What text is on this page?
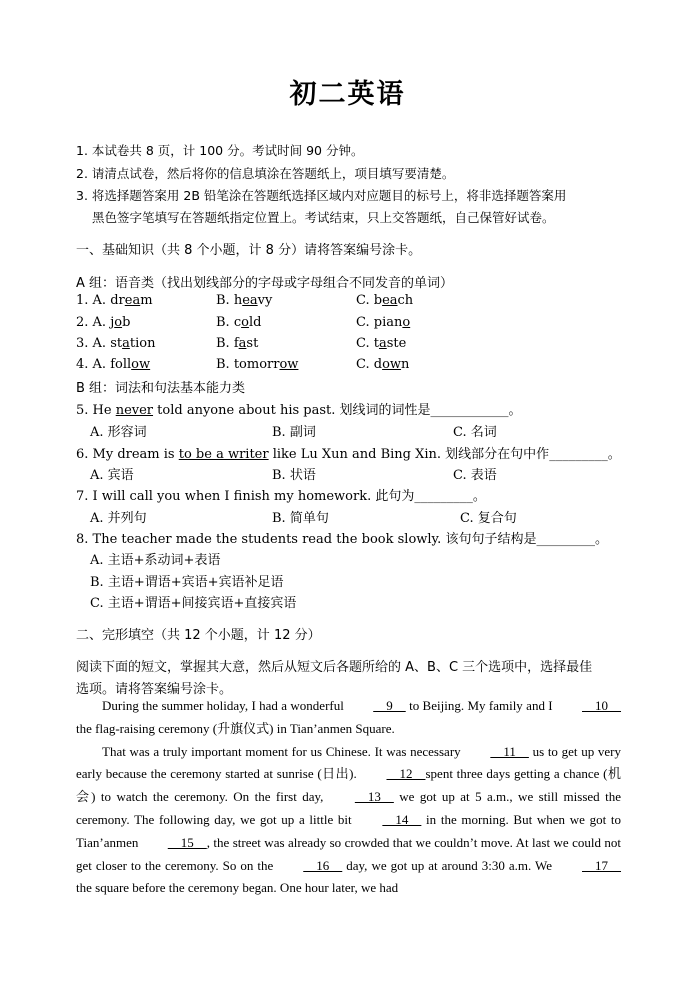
初二英语
1. 本试卷共 8 页，计 100 分。考试时间 90 分钟。
2. 请清点试卷，然后将你的信息填涂在答题纸上，项目填写要清楚。
3. 将选择题答案用 2B 铅笔涂在答题纸选择区域内对应题目的标号上，将非选择题答案用
黑色签字笔填写在答题纸指定位置上。考试结束，只上交答题纸，自己保管好试卷。
一、基础知识（共 8 个小题，计 8 分）请将答案编号涂卡。
A 组：语音类（找出划线部分的字母或字母组合不同发音的单词）
1. A. dream	B. heavy	C. beach
2. A. job	B. cold	C. piano
3. A. station	B. fast	C. taste
4. A. follow	B. tomorrow	C. down
B 组：词法和句法基本能力类
5. He never told anyone about his past. 划线词的词性是____________。
A. 形容词	B. 副词	C. 名词
6. My dream is to be a writer like Lu Xun and Bing Xin. 划线部分在句中作_________。
A. 宾语	B. 状语	C. 表语
7. I will call you when I finish my homework. 此句为_________。
A. 并列句	B. 简单句	C. 复合句
8. The teacher made the students read the book slowly. 该句句子结构是_________。
A. 主语+系动词+表语
B. 主语+谓语+宾语+宾语补足语
C. 主语+谓语+间接宾语+直接宾语
二、完形填空（共 12 个小题，计 12 分）
阅读下面的短文，掌握其大意，然后从短文后各题所给的 A、B、C 三个选项中，选择最佳
选项。请将答案编号涂卡。

During the summer holiday, I had a wonderful     9     to Beijing. My family and I     10     the flag-raising ceremony (升旗仪式) in Tian’anmen Square.

That was a truly important moment for us Chinese. It was necessary     11     us to get up very early because the ceremony started at sunrise (日出).     12    spent three days getting a chance (机会) to watch the ceremony. On the first day,     13     we got up at 5 a.m., we still missed the ceremony. The following day, we got up a little bit     14     in the morning. But when we got to Tian’anmen     15    , the street was already so crowded that we couldn’t move. At last we could not get closer to the ceremony. So on the     16     day, we got up at around 3:30 a.m. We     17     the square before the ceremony began. One hour later, we had
